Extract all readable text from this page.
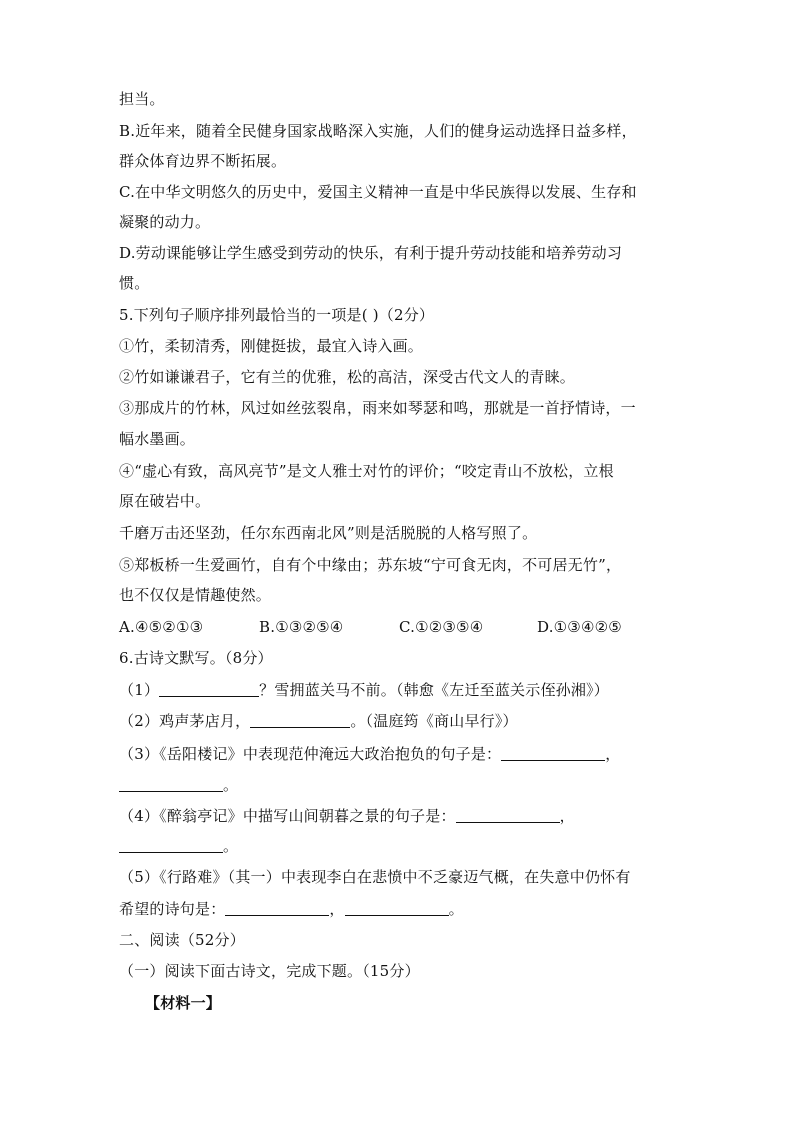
担当。
B.近年来，随着全民健身国家战略深入实施，人们的健身运动选择日益多样，
群众体育边界不断拓展。
C.在中华文明悠久的历史中，爱国主义精神一直是中华民族得以发展、生存和
凝聚的动力。
D.劳动课能够让学生感受到劳动的快乐，有利于提升劳动技能和培养劳动习
惯。
5.下列句子顺序排列最恰当的一项是( )（2分）
①竹，柔韧清秀，刚健挺拔，最宜入诗入画。
②竹如谦谦君子，它有兰的优雅，松的高洁，深受古代文人的青睐。
③那成片的竹林，风过如丝弦裂帛，雨来如琴瑟和鸣，那就是一首抒情诗，一
幅水墨画。
④“虚心有致，高风亮节”是文人雅士对竹的评价；“咬定青山不放松，立根
原在破岩中。
千磨万击还坚劲，任尔东西南北风”则是活脱脱的人格写照了。
⑤郑板桥一生爱画竹，自有个中缘由；苏东坡“宁可食无肉，不可居无竹”，
也不仅仅是情趣使然。
A.④⑤②①③	B.①③②⑤④	C.①②③⑤④	D.①③④②⑤
6.古诗文默写。（8分）
（1）	？雪拥蓝关马不前。（韩愈《左迁至蓝关示侄孙湘》）
（2）鸡声茅店月，	。（温庭筠《商山早行》）
（3）《岳阳楼记》中表现范仲淹远大政治抱负的句子是：	，
。
（4）《醉翁亭记》中描写山间朝暮之景的句子是：	，
。
（5）《行路难》（其一）中表现李白在悲愤中不乏豪迈气概，在失意中仍怀有
希望的诗句是：	，	。
二、阅读（52分）
（一）阅读下面古诗文，完成下题。（15分）
【材料一】
